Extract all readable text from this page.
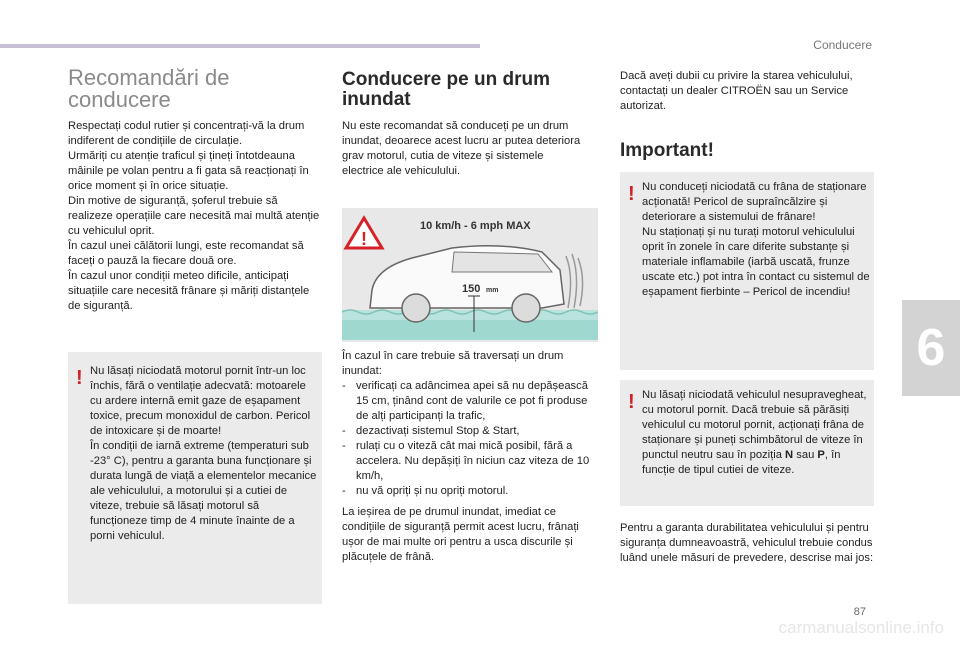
Conducere
Recomandări de conducere

Respectați codul rutier și concentrați-vă la drum indiferent de condițiile de circulație.
Urmăriți cu atenție traficul și țineți întotdeauna mâinile pe volan pentru a fi gata să reacționați în orice moment și în orice situație.
Din motive de siguranță, șoferul trebuie să realizeze operațiile care necesită mai multă atenție cu vehiculul oprit.
În cazul unei călătorii lungi, este recomandat să faceți o pauză la fiecare două ore.
În cazul unor condiții meteo dificile, anticipați situațiile care necesită frânare și măriți distanțele de siguranță.

! Nu lăsați niciodată motorul pornit într-un loc închis, fără o ventilație adecvată: motoarele cu ardere internă emit gaze de eșapament toxice, precum monoxidul de carbon. Pericol de intoxicare și de moarte!
În condiții de iarnă extreme (temperaturi sub -23° C), pentru a garanta buna funcționare și durata lungă de viață a elementelor mecanice ale vehiculului, a motorului și a cutiei de viteze, trebuie să lăsați motorul să funcționeze timp de 4 minute înainte de a porni vehiculul.

Conducere pe un drum inundat

Nu este recomandat să conduceți pe un drum inundat, deoarece acest lucru ar putea deteriora grav motorul, cutia de viteze și sistemele electrice ale vehiculului.

!
10 km/h - 6 mph MAX
150 mm

În cazul în care trebuie să traversați un drum inundat:

- verificați ca adâncimea apei să nu depășească 15 cm, ținând cont de valurile ce pot fi produse de alți participanți la trafic,
- dezactivați sistemul Stop & Start,
- rulați cu o viteză cât mai mică posibil, fără a accelera. Nu depășiți în niciun caz viteza de 10 km/h,
- nu vă opriți și nu opriți motorul.

La ieșirea de pe drumul inundat, imediat ce condițiile de siguranță permit acest lucru, frânați ușor de mai multe ori pentru a usca discurile și plăcuțele de frână.

Dacă aveți dubii cu privire la starea vehiculului, contactați un dealer CITROËN sau un Service autorizat.

Important!
! Nu conduceți niciodată cu frâna de staționare acționată! Pericol de supraîncălzire și deteriorare a sistemului de frânare!
Nu staționați și nu turați motorul vehiculului oprit în zonele în care diferite substanțe și materiale inflamabile (iarbă uscată, frunze uscate etc.) pot intra în contact cu sistemul de eșapament fierbinte – Pericol de incendiu!

! Nu lăsați niciodată vehiculul nesupravegheat, cu motorul pornit. Dacă trebuie să părăsiți vehiculul cu motorul pornit, acționați frâna de staționare și puneți schimbătorul de viteze în punctul neutru sau în poziția N sau P, în funcție de tipul cutiei de viteze.

Pentru a garanta durabilitatea vehiculului și pentru siguranța dumneavoastră, vehiculul trebuie condus luând unele măsuri de prevedere, descrise mai jos:

6
87
carmanualsonline.info
